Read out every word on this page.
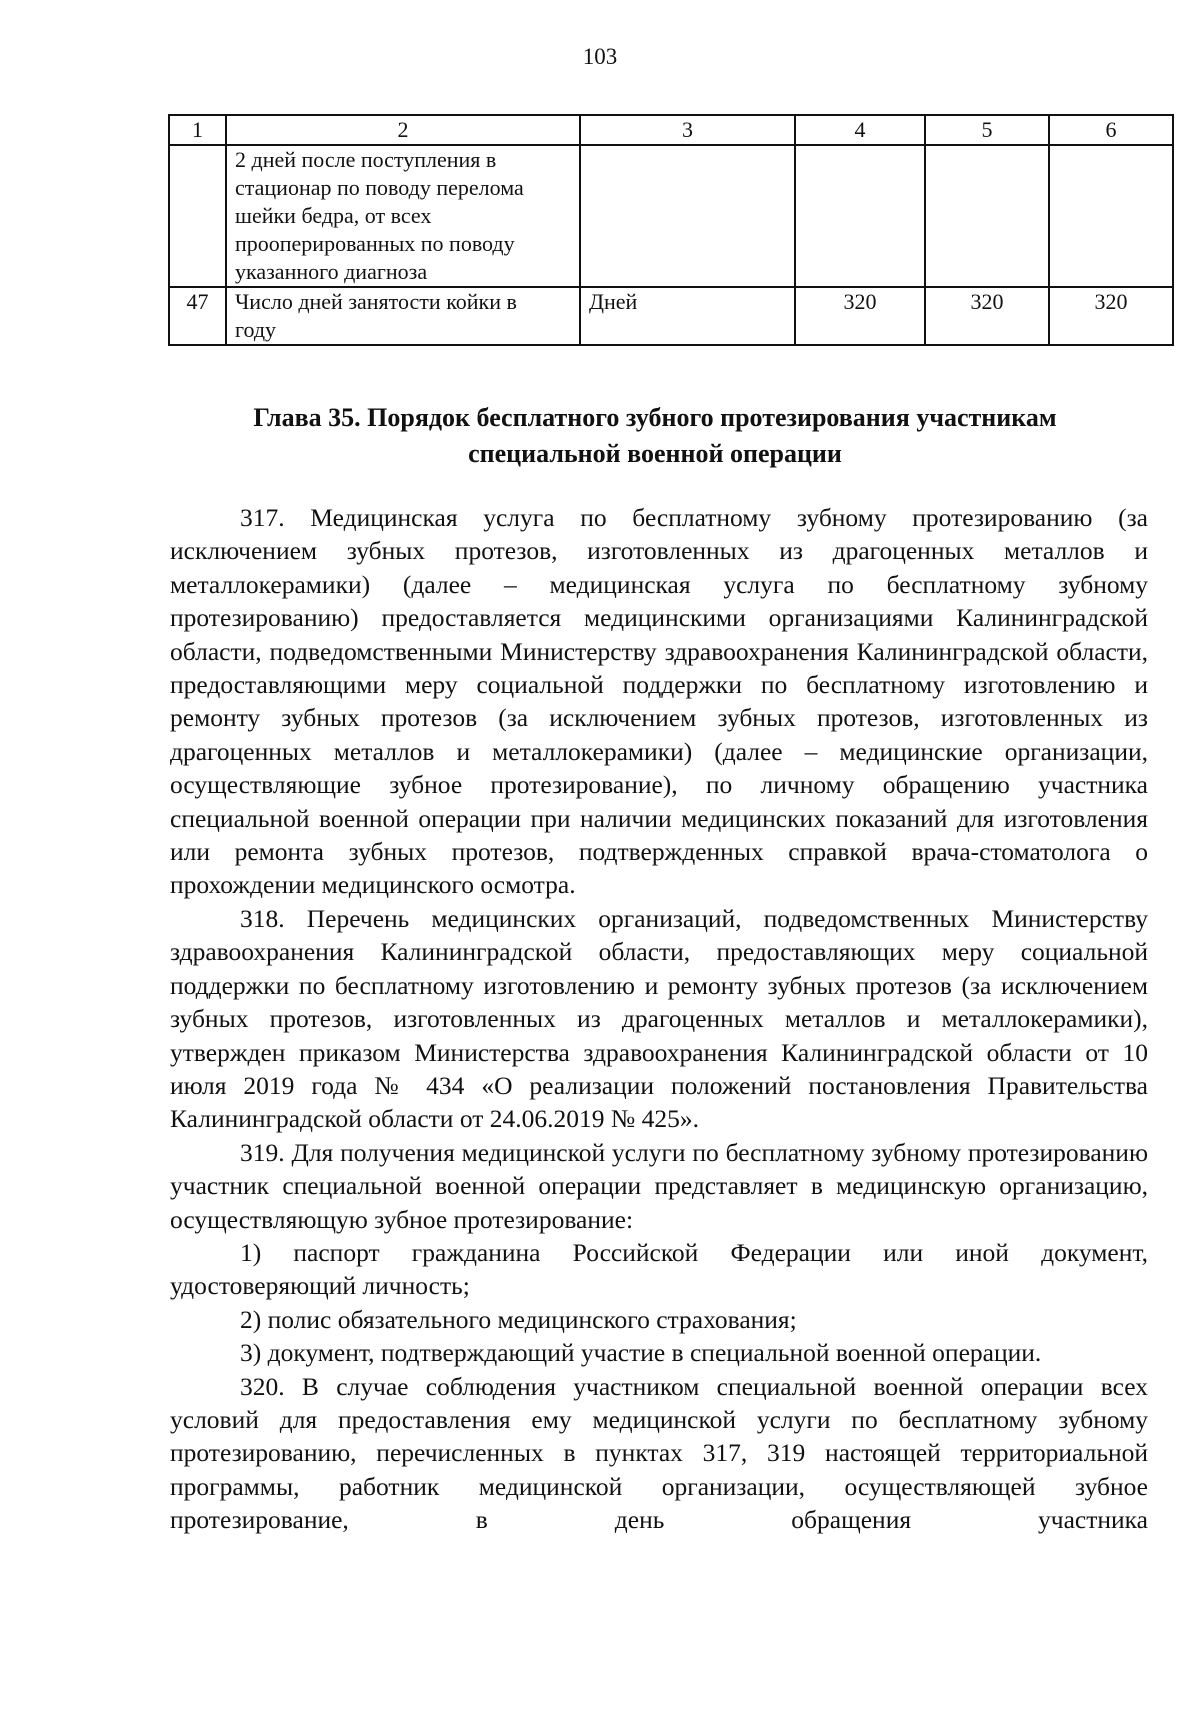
103
1	2	3	4	5	6

	2 дней после поступления в
стационар по поводу перелома
шейки бедра, от всех
прооперированных по поводу
указанного диагноза				

47	Число дней занятости койки в
году	Дней	320	320	320
Глава 35. Порядок бесплатного зубного протезирования участникам
специальной военной операции

317. Медицинская услуга по бесплатному зубному протезированию (за исключением зубных протезов, изготовленных из драгоценных металлов и металлокерамики) (далее – медицинская услуга по бесплатному зубному протезированию) предоставляется медицинскими организациями Калининградской области, подведомственными Министерству здравоохранения Калининградской области, предоставляющими меру социальной поддержки по бесплатному изготовлению и ремонту зубных протезов (за исключением зубных протезов, изготовленных из драгоценных металлов и металлокерамики) (далее – медицинские организации, осуществляющие зубное протезирование), по личному обращению участника специальной военной операции при наличии медицинских показаний для изготовления или ремонта зубных протезов, подтвержденных справкой врача-стоматолога о прохождении медицинского осмотра.

318. Перечень медицинских организаций, подведомственных Министерству здравоохранения Калининградской области, предоставляющих меру социальной поддержки по бесплатному изготовлению и ремонту зубных протезов (за исключением зубных протезов, изготовленных из драгоценных металлов и металлокерамики), утвержден приказом Министерства здравоохранения Калининградской области от 10 июля 2019 года № 434 «О реализации положений постановления Правительства Калининградской области от 24.06.2019 № 425».

319. Для получения медицинской услуги по бесплатному зубному протезированию участник специальной военной операции представляет в медицинскую организацию, осуществляющую зубное протезирование:

1) паспорт гражданина Российской Федерации или иной документ, удостоверяющий личность;

2) полис обязательного медицинского страхования;

3) документ, подтверждающий участие в специальной военной операции.

320. В случае соблюдения участником специальной военной операции всех условий для предоставления ему медицинской услуги по бесплатному зубному протезированию, перечисленных в пунктах 317, 319 настоящей территориальной программы, работник медицинской организации, осуществляющей зубное протезирование, в день обращения участника
